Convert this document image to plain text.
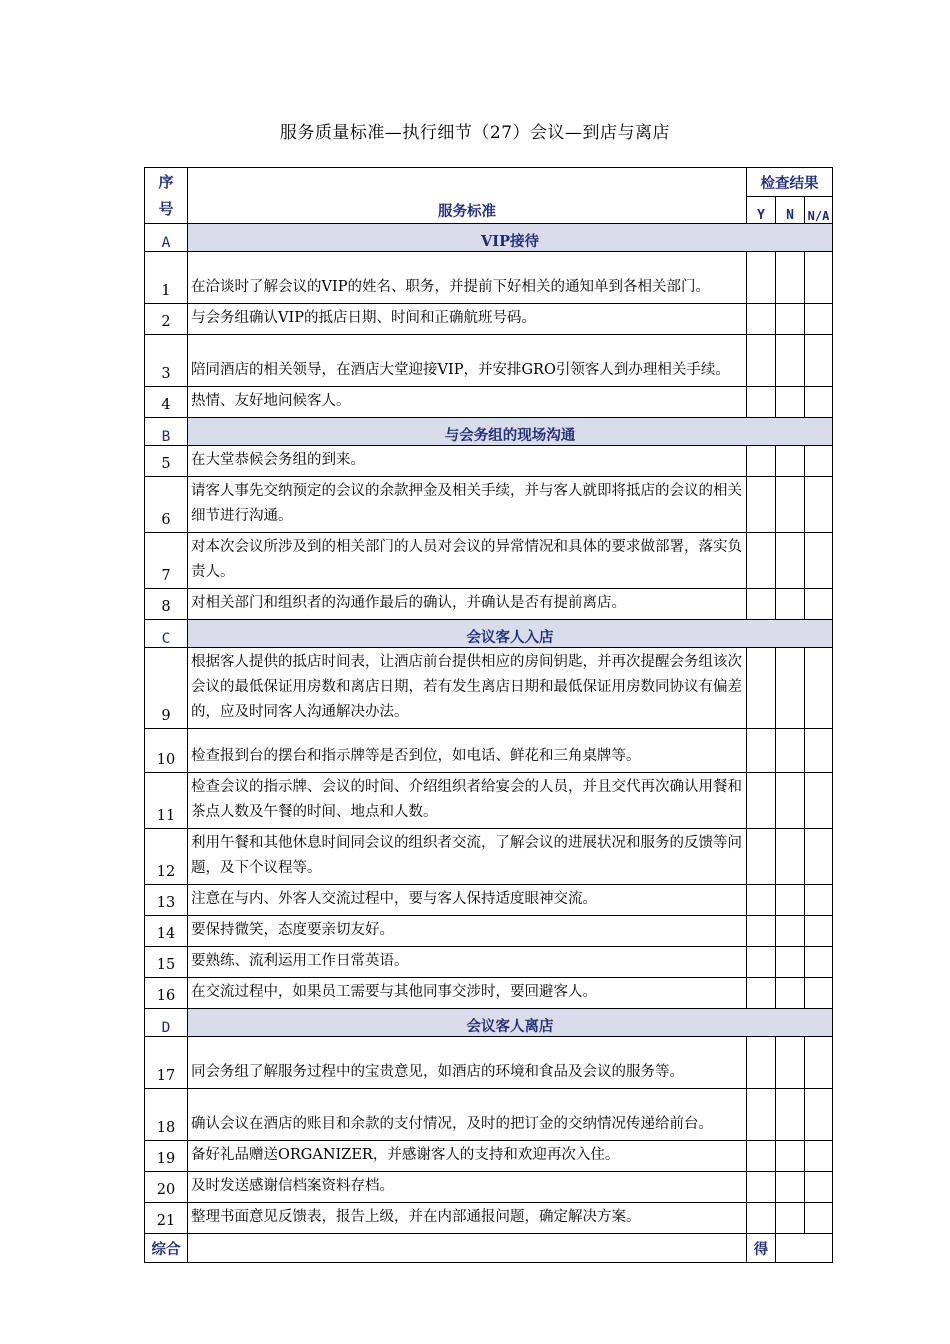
服务质量标准—执行细节（27）会议—到店与离店
序
号	服务标准	检查结果		
		Y	N	N/A
A	VIP接待			
1	在洽谈时了解会议的VIP的姓名、职务，并提前下好相关的通知单到各相关部门。			
2	与会务组确认VIP的抵店日期、时间和正确航班号码。			
3	陪同酒店的相关领导，在酒店大堂迎接VIP，并安排GRO引领客人到办理相关手续。			
4	热情、友好地问候客人。			
B	与会务组的现场沟通			
5	在大堂恭候会务组的到来。			
6	请客人事先交纳预定的会议的余款押金及相关手续，并与客人就即将抵店的会议的相关细节进行沟通。			
7	对本次会议所涉及到的相关部门的人员对会议的异常情况和具体的要求做部署，落实负责人。			
8	对相关部门和组织者的沟通作最后的确认，并确认是否有提前离店。			
C	会议客人入店			
9	根据客人提供的抵店时间表，让酒店前台提供相应的房间钥匙，并再次提醒会务组该次会议的最低保证用房数和离店日期，若有发生离店日期和最低保证用房数同协议有偏差的，应及时同客人沟通解决办法。			
10	检查报到台的摆台和指示牌等是否到位，如电话、鲜花和三角桌牌等。			
11	检查会议的指示牌、会议的时间、介绍组织者给宴会的人员，并且交代再次确认用餐和茶点人数及午餐的时间、地点和人数。			
12	利用午餐和其他休息时间同会议的组织者交流，了解会议的进展状况和服务的反馈等问题，及下个议程等。			
13	注意在与内、外客人交流过程中，要与客人保持适度眼神交流。			
14	要保持微笑，态度要亲切友好。			
15	要熟练、流利运用工作日常英语。			
16	在交流过程中，如果员工需要与其他同事交涉时，要回避客人。			
D	会议客人离店			
17	同会务组了解服务过程中的宝贵意见，如酒店的环境和食品及会议的服务等。			
18	确认会议在酒店的账目和余款的支付情况，及时的把订金的交纳情况传递给前台。			
19	备好礼品赠送ORGANIZER，并感谢客人的支持和欢迎再次入住。			
20	及时发送感谢信档案资料存档。			
21	整理书面意见反馈表，报告上级，并在内部通报问题，确定解决方案。			
综合		得		
